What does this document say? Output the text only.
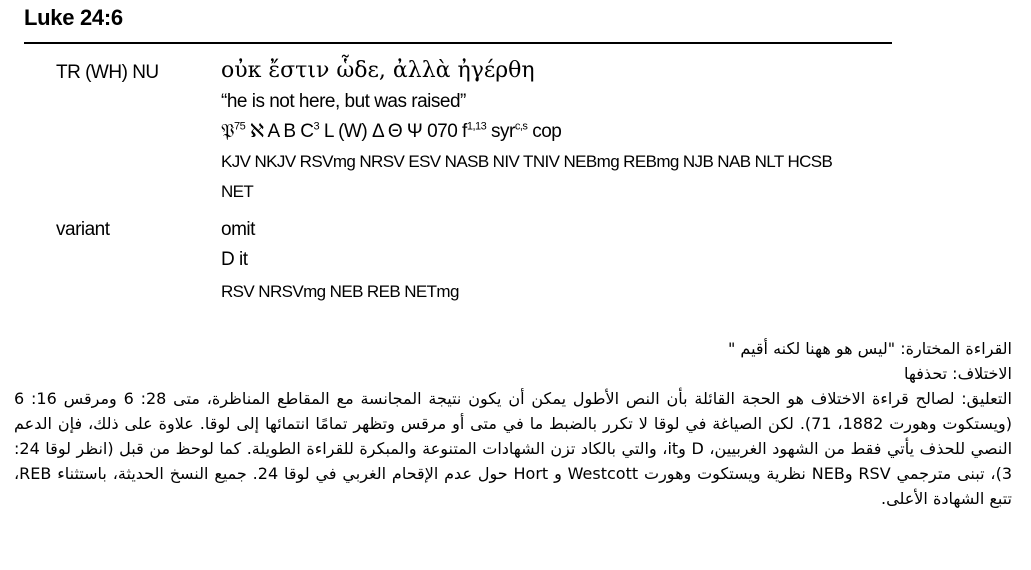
Luke 24:6
TR (WH) NU	οὐκ ἔστιν ὧδε, ἀλλὰ ἠγέρθη
“he is not here, but was raised”
𝔓$^{75}$ ℵ A B $C^3$ L (W) Δ Θ Ψ 070 $f^{1,13}$ syr$^{c,s}$ cop
KJV NKJV RSVmg NRSV ESV NASB NIV TNIV NEBmg REBmg NJB NAB NLT HCSB
NET
variant	omit
D it
RSV NRSVmg NEB REB NETmg

القراءة المختارة: "ليس هو ههنا لكنه أقيم "

الاختلاف: تحذفها

التعليق: لصالح قراءة الاختلاف هو الحجة القائلة بأن النص الأطول يمكن أن يكون نتيجة المجانسة مع المقاطع المناظرة، متى 28: 6 ومرقس 16: 6 (ويستكوت وهورت 1882، 71). لكن الصياغة في لوقا لا تكرر بالضبط ما في متى أو مرقس وتظهر تمامًا انتمائها إلى لوقا. علاوة على ذلك، فإن الدعم النصي للحذف يأتي فقط من الشهود الغربيين، D وit، والتي بالكاد تزن الشهادات المتنوعة والمبكرة للقراءة الطويلة. كما لوحظ من قبل (انظر لوقا 24: 3)، تبنى مترجمي RSV وNEB نظرية ويستكوت وهورت Westcott و Hort حول عدم الإقحام الغربي في لوقا 24. جميع النسخ الحديثة، باستثناء REB، تتبع الشهادة الأعلى.
